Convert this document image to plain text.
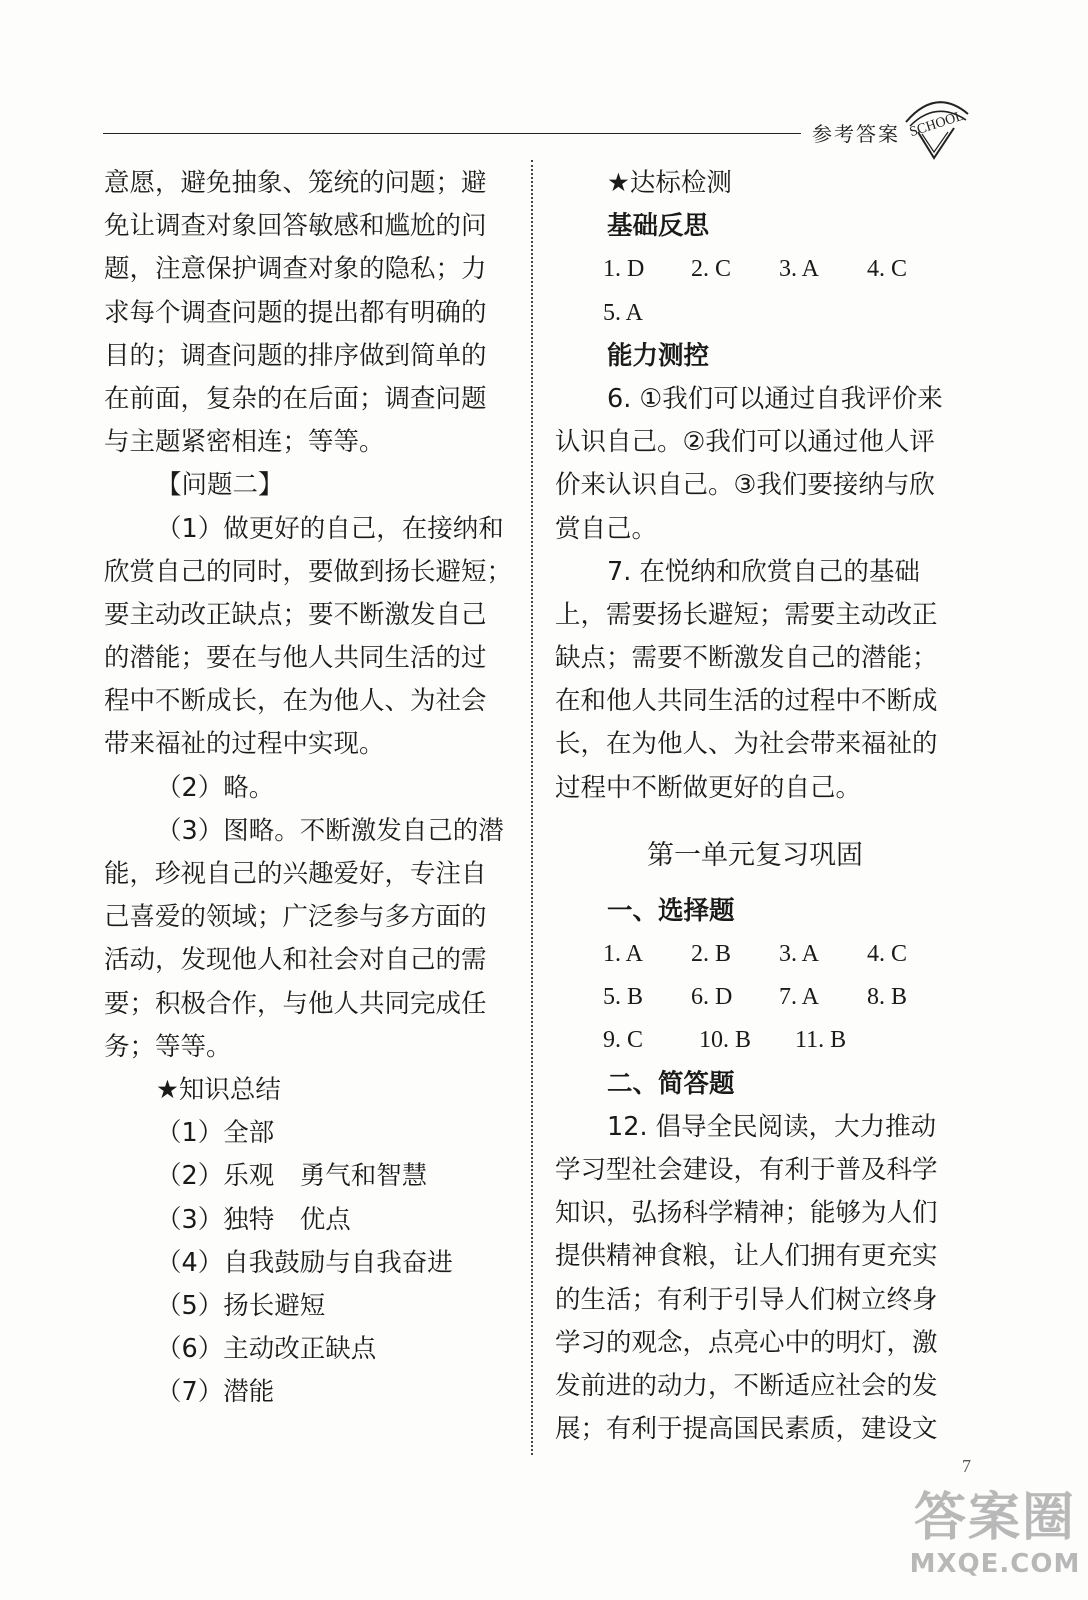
参考答案 SCHOOL
意愿，避免抽象、笼统的问题；避
免让调查对象回答敏感和尴尬的问
题，注意保护调查对象的隐私；力
求每个调查问题的提出都有明确的
目的；调查问题的排序做到简单的
在前面，复杂的在后面；调查问题
与主题紧密相连；等等。
【问题二】
（1）做更好的自己，在接纳和
欣赏自己的同时，要做到扬长避短；
要主动改正缺点；要不断激发自己
的潜能；要在与他人共同生活的过
程中不断成长，在为他人、为社会
带来福祉的过程中实现。
（2）略。
（3）图略。不断激发自己的潜
能，珍视自己的兴趣爱好，专注自
己喜爱的领域；广泛参与多方面的
活动，发现他人和社会对自己的需
要；积极合作，与他人共同完成任
务；等等。
★知识总结
（1）全部
（2）乐观　勇气和智慧
（3）独特　优点
（4）自我鼓励与自我奋进
（5）扬长避短
（6）主动改正缺点
（7）潜能
★达标检测
基础反思
1. D	2. C	3. A	4. C
5. A
能力测控
6. ①我们可以通过自我评价来
认识自己。②我们可以通过他人评
价来认识自己。③我们要接纳与欣
赏自己。
7. 在悦纳和欣赏自己的基础
上，需要扬长避短；需要主动改正
缺点；需要不断激发自己的潜能；
在和他人共同生活的过程中不断成
长，在为他人、为社会带来福祉的
过程中不断做更好的自己。
第一单元复习巩固
一、选择题
1. A	2. B	3. A	4. C
5. B	6. D	7. A	8. B
9. C	10. B	11. B
二、简答题
12. 倡导全民阅读，大力推动
学习型社会建设，有利于普及科学
知识，弘扬科学精神；能够为人们
提供精神食粮，让人们拥有更充实
的生活；有利于引导人们树立终身
学习的观念，点亮心中的明灯，激
发前进的动力，不断适应社会的发
展；有利于提高国民素质，建设文
7
答案圈
MXQE.COM
